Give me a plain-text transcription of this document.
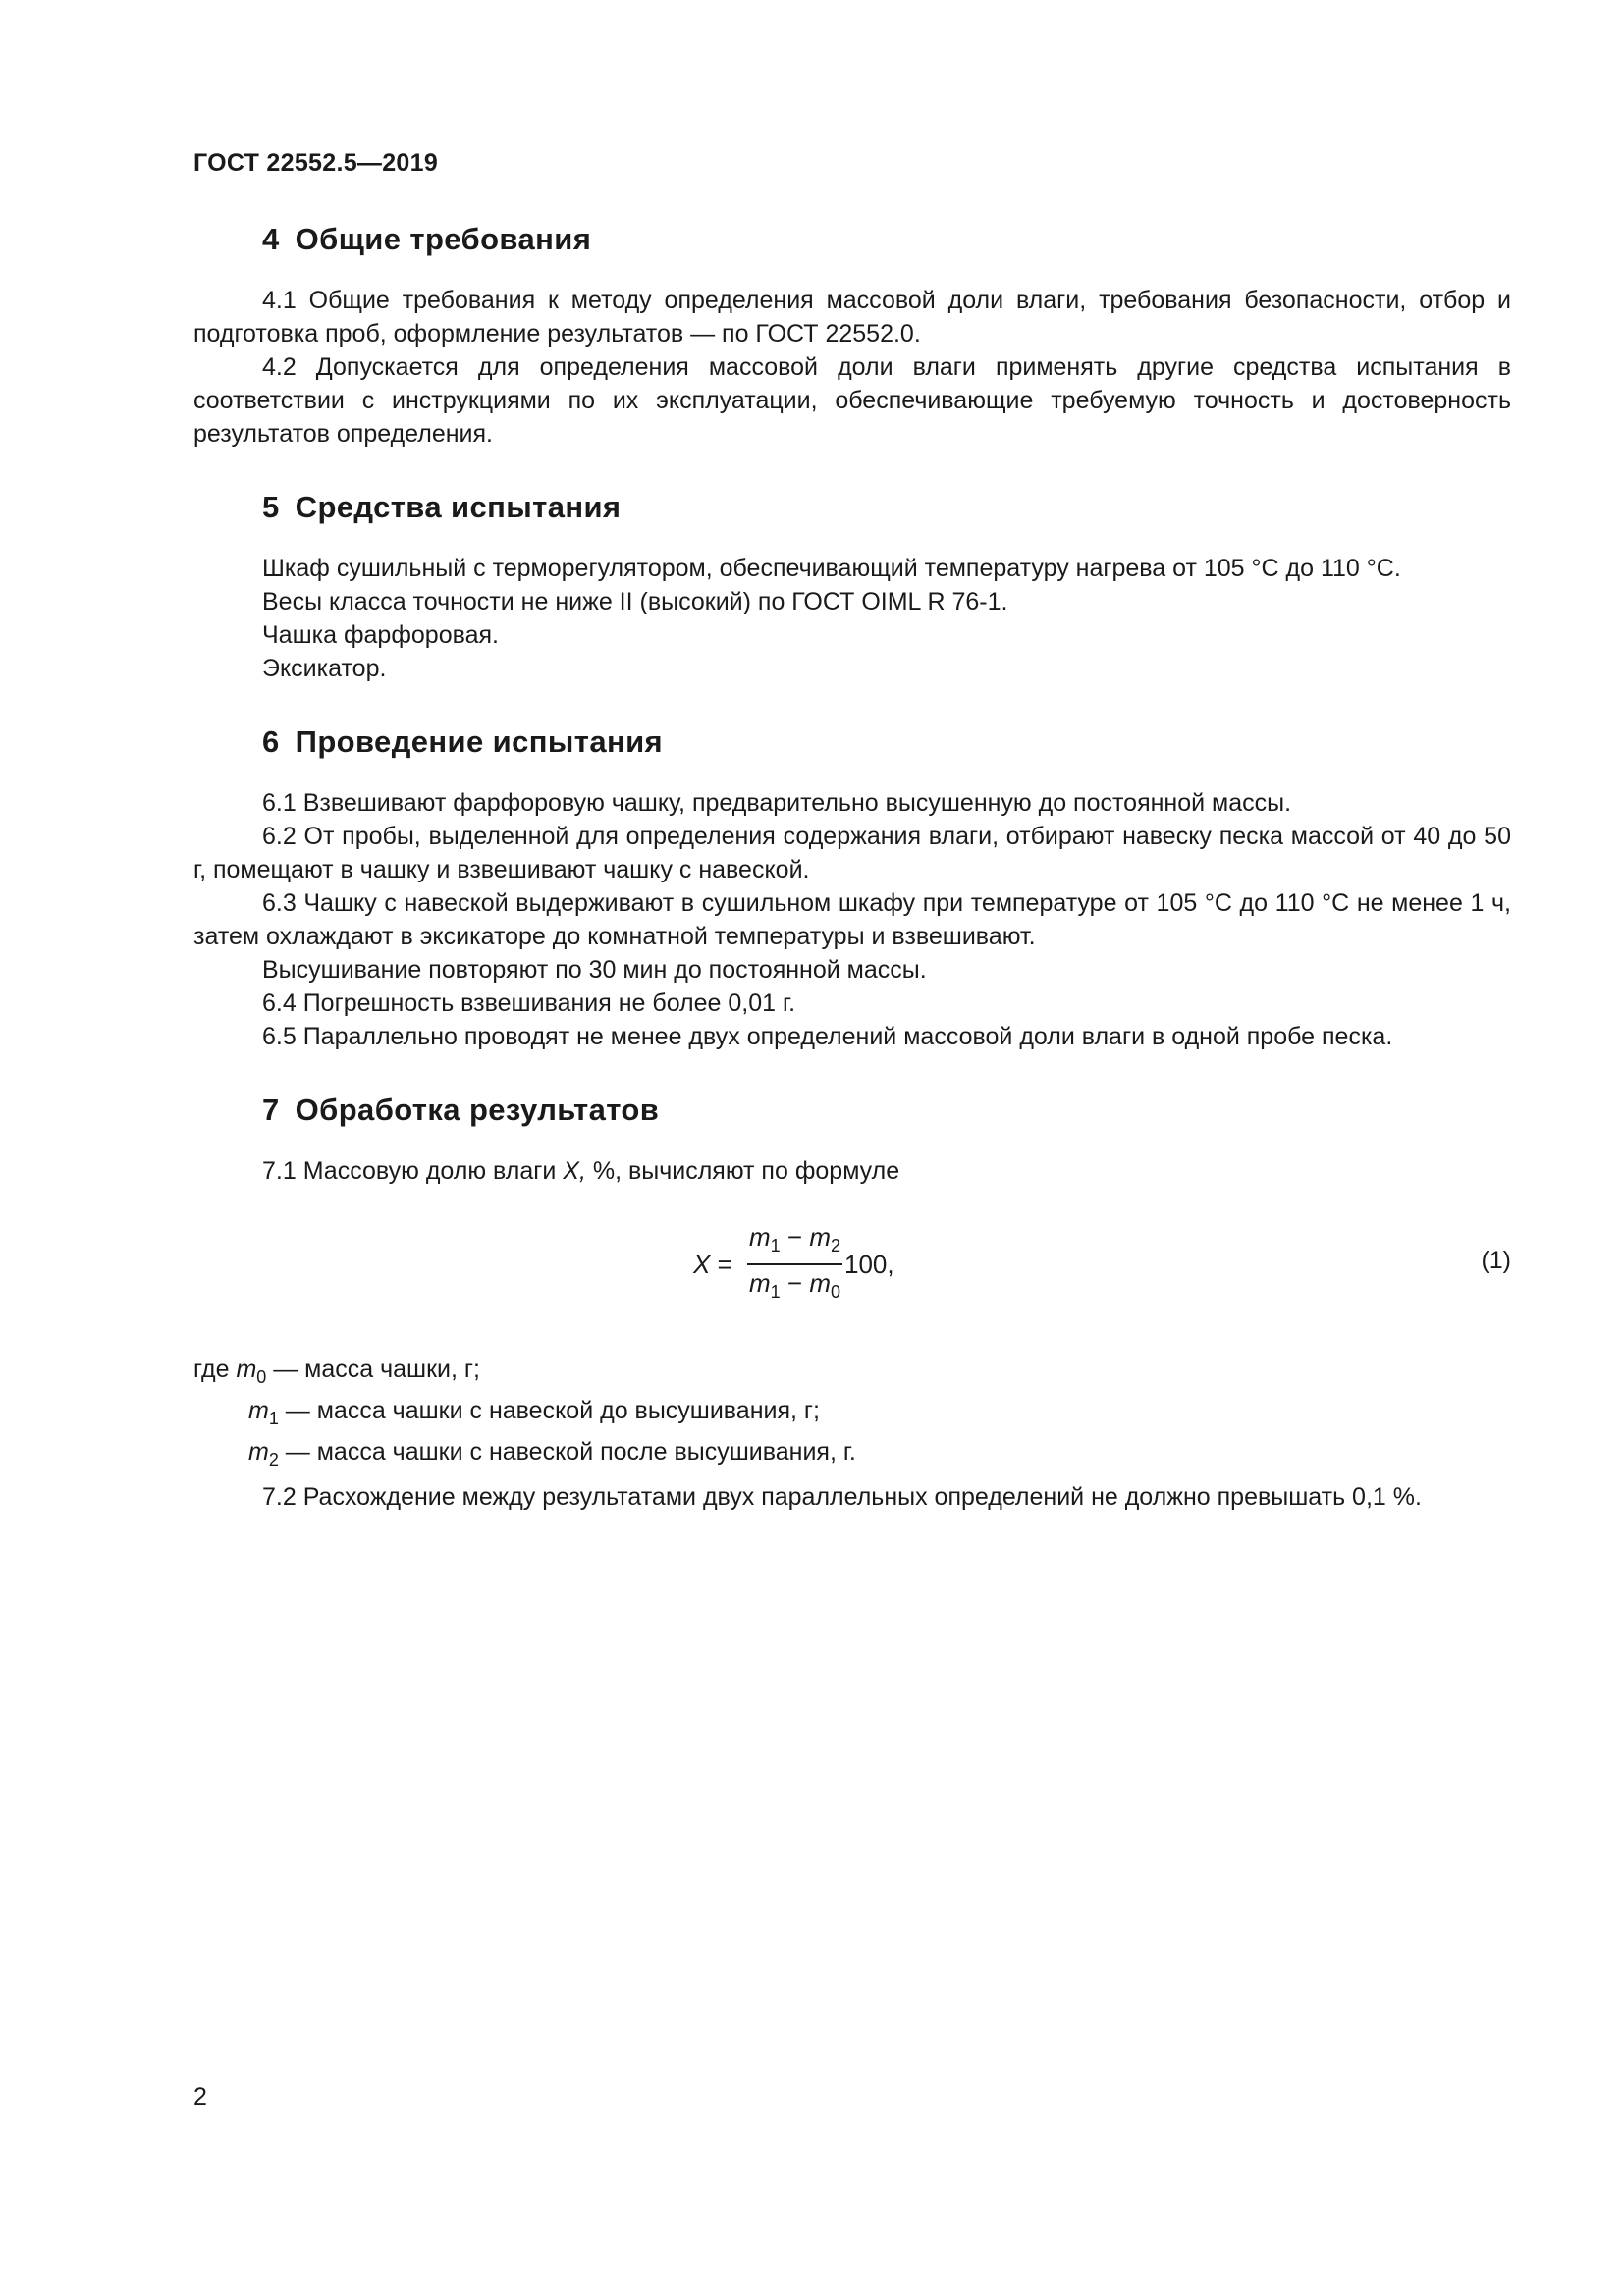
ГОСТ 22552.5—2019
4 Общие требования

4.1 Общие требования к методу определения массовой доли влаги, требования безопасности, отбор и подготовка проб, оформление результатов — по ГОСТ 22552.0.

4.2 Допускается для определения массовой доли влаги применять другие средства испытания в соответствии с инструкциями по их эксплуатации, обеспечивающие требуемую точность и достоверность результатов определения.

5 Средства испытания

Шкаф сушильный с терморегулятором, обеспечивающий температуру нагрева от 105 °С до 110 °С.

Весы класса точности не ниже II (высокий) по ГОСТ OIML R 76-1.

Чашка фарфоровая.

Эксикатор.

6 Проведение испытания

6.1 Взвешивают фарфоровую чашку, предварительно высушенную до постоянной массы.

6.2 От пробы, выделенной для определения содержания влаги, отбирают навеску песка массой от 40 до 50 г, помещают в чашку и взвешивают чашку с навеской.

6.3 Чашку с навеской выдерживают в сушильном шкафу при температуре от 105 °С до 110 °С не менее 1 ч, затем охлаждают в эксикаторе до комнатной температуры и взвешивают.

Высушивание повторяют по 30 мин до постоянной массы.

6.4 Погрешность взвешивания не более 0,01 г.

6.5 Параллельно проводят не менее двух определений массовой доли влаги в одной пробе песка.

7 Обработка результатов

7.1 Массовую долю влаги X, %, вычисляют по формуле

$X = \frac{m_1 - m_2}{m_1 - m_0} 100$,	(1)

где $m_0$ — масса чашки, г;

$m_1$ — масса чашки с навеской до высушивания, г;

$m_2$ — масса чашки с навеской после высушивания, г.

7.2 Расхождение между результатами двух параллельных определений не должно превышать 0,1 %.

2
